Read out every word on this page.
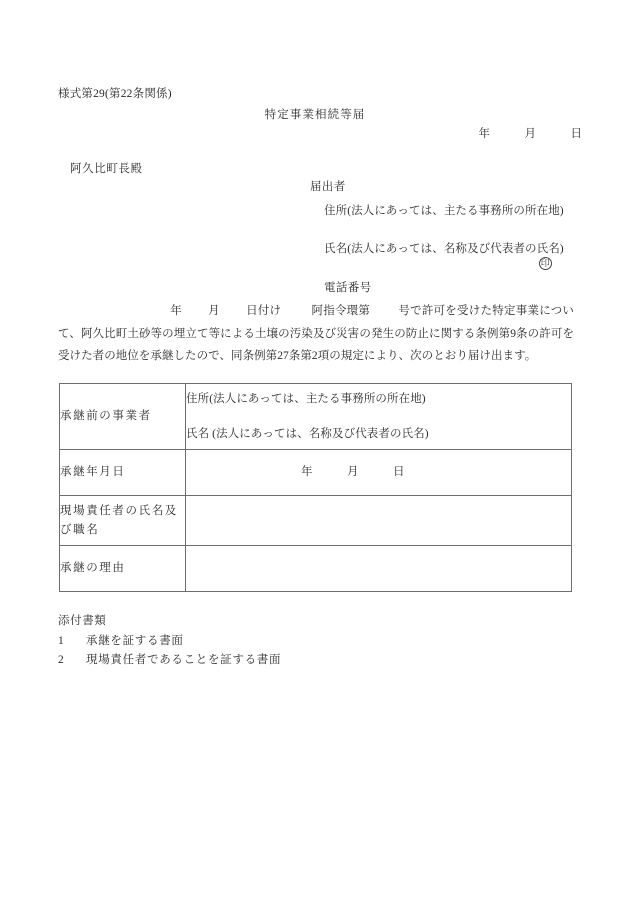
様式第29(第22条関係)
特定事業相続等届
年　　　月　　　日
阿久比町長殿
届出者
住所(法人にあっては、主たる事務所の所在地)
氏名(法人にあっては、名称及び代表者の氏名)
印
電話番号
年 月 日付け	阿指令環第 号で許可を受けた特定事業について、阿久比町土砂等の埋立て等による土壌の汚染及び災害の発生の防止に関する条例第9条の許可を受けた者の地位を承継したので、同条例第27条第2項の規定により、次のとおり届け出ます。
承継前の事業者	住所(法人にあっては、主たる事務所の所在地)
氏名 (法人にあっては、名称及び代表者の氏名)

承継年月日	年　　　月　　　日

現場責任者の氏名及び職名	
承継の理由	
添付書類
1 承継を証する書面
2 現場責任者であることを証する書面
